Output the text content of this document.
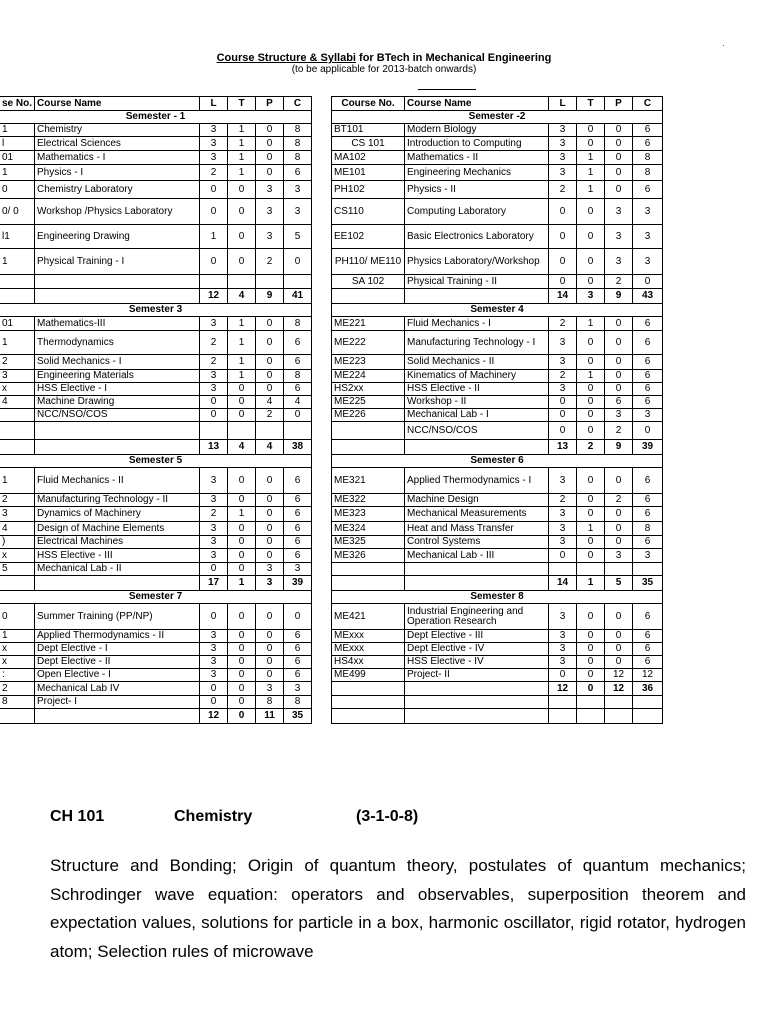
.
Course Structure & Syllabi for BTech in Mechanical Engineering
(to be applicable for 2013-batch onwards)
se No.	Course Name	L	T	P	C		Course No.	Course Name	L	T	P	C
Semester - 1							Semester -2					
1	Chemistry	3	1	0	8		BT101	Modern Biology	3	0	0	6
l	Electrical Sciences	3	1	0	8		CS 101	Introduction to Computing	3	0	0	6
01	Mathematics - I	3	1	0	8		MA102	Mathematics - II	3	1	0	8
1	Physics - I	2	1	0	6		ME101	Engineering Mechanics	3	1	0	8
0	Chemistry Laboratory	0	0	3	3		PH102	Physics - II	2	1	0	6
0/ 0	Workshop /Physics Laboratory	0	0	3	3		CS110	Computing Laboratory	0	0	3	3
l1	Engineering Drawing	1	0	3	5		EE102	Basic Electronics Laboratory	0	0	3	3
1	Physical Training - I	0	0	2	0		PH110/ ME110	Physics Laboratory/Workshop	0	0	3	3
							SA 102	Physical Training - II	0	0	2	0
		12	4	9	41				14	3	9	43
Semester 3							Semester 4					
01	Mathematics-III	3	1	0	8		ME221	Fluid Mechanics - I	2	1	0	6
1	Thermodynamics	2	1	0	6		ME222	Manufacturing Technology - I	3	0	0	6
2	Solid Mechanics - I	2	1	0	6		ME223	Solid Mechanics - II	3	0	0	6
3	Engineering Materials	3	1	0	8		ME224	Kinematics of Machinery	2	1	0	6
x	HSS Elective - I	3	0	0	6		HS2xx	HSS Elective - II	3	0	0	6
4	Machine Drawing	0	0	4	4		ME225	Workshop - II	0	0	6	6
	NCC/NSO/COS	0	0	2	0		ME226	Mechanical Lab - I	0	0	3	3
								NCC/NSO/COS	0	0	2	0
		13	4	4	38				13	2	9	39
Semester 5							Semester 6					
1	Fluid Mechanics - II	3	0	0	6		ME321	Applied Thermodynamics - I	3	0	0	6
2	Manufacturing Technology - II	3	0	0	6		ME322	Machine Design	2	0	2	6
3	Dynamics of Machinery	2	1	0	6		ME323	Mechanical Measurements	3	0	0	6
4	Design of Machine Elements	3	0	0	6		ME324	Heat and Mass Transfer	3	1	0	8
)	Electrical Machines	3	0	0	6		ME325	Control Systems	3	0	0	6
x	HSS Elective - III	3	0	0	6		ME326	Mechanical Lab - III	0	0	3	3
5	Mechanical Lab - II	0	0	3	3							
		17	1	3	39				14	1	5	35
Semester 7							Semester 8					
0	Summer Training (PP/NP)	0	0	0	0		ME421	Industrial Engineering and Operation Research	3	0	0	6
1	Applied Thermodynamics - II	3	0	0	6		MExxx	Dept Elective - III	3	0	0	6
x	Dept Elective - I	3	0	0	6		MExxx	Dept Elective - IV	3	0	0	6
x	Dept Elective - II	3	0	0	6		HS4xx	HSS Elective - IV	3	0	0	6
:	Open Elective - I	3	0	0	6		ME499	Project- II	0	0	12	12
2	Mechanical Lab IV	0	0	3	3				12	0	12	36
8	Project- I	0	0	8	8							
		12	0	11	35							
CH 101	Chemistry	(3-1-0-8)
Structure and Bonding; Origin of quantum theory, postulates of quantum mechanics; Schrodinger wave equation: operators and observables, superposition theorem and expectation values, solutions for particle in a box, harmonic oscillator, rigid rotator, hydrogen atom; Selection rules of microwave
